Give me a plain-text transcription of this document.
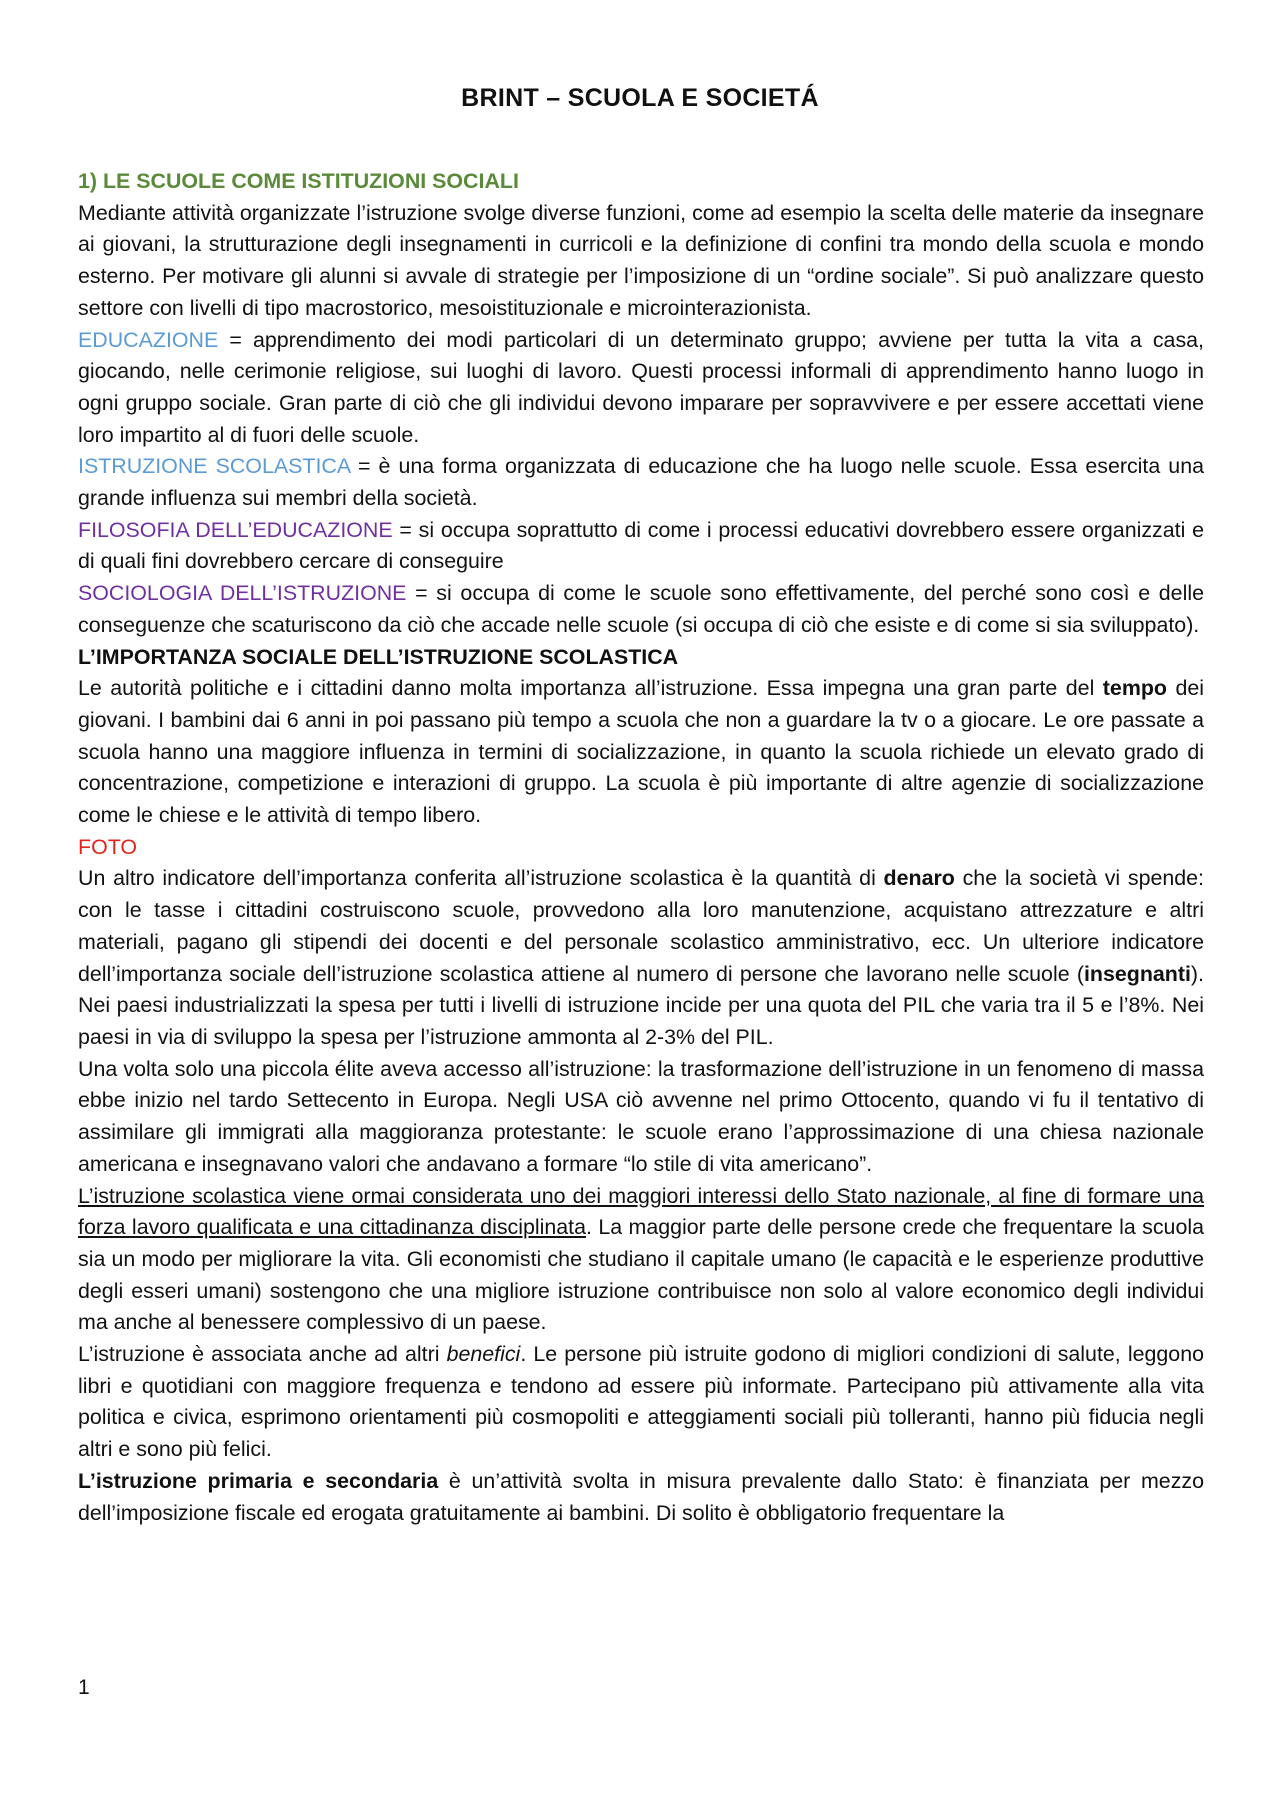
BRINT – SCUOLA E SOCIETÁ

1) LE SCUOLE COME ISTITUZIONI SOCIALI

Mediante attività organizzate l’istruzione svolge diverse funzioni, come ad esempio la scelta delle materie da insegnare ai giovani, la strutturazione degli insegnamenti in curricoli e la definizione di confini tra mondo della scuola e mondo esterno. Per motivare gli alunni si avvale di strategie per l’imposizione di un “ordine sociale”. Si può analizzare questo settore con livelli di tipo macrostorico, mesoistituzionale e microinterazionista.

EDUCAZIONE = apprendimento dei modi particolari di un determinato gruppo; avviene per tutta la vita a casa, giocando, nelle cerimonie religiose, sui luoghi di lavoro. Questi processi informali di apprendimento hanno luogo in ogni gruppo sociale. Gran parte di ciò che gli individui devono imparare per sopravvivere e per essere accettati viene loro impartito al di fuori delle scuole.

ISTRUZIONE SCOLASTICA = è una forma organizzata di educazione che ha luogo nelle scuole. Essa esercita una grande influenza sui membri della società.

FILOSOFIA DELL’EDUCAZIONE = si occupa soprattutto di come i processi educativi dovrebbero essere organizzati e di quali fini dovrebbero cercare di conseguire

SOCIOLOGIA DELL’ISTRUZIONE = si occupa di come le scuole sono effettivamente, del perché sono così e delle conseguenze che scaturiscono da ciò che accade nelle scuole (si occupa di ciò che esiste e di come si sia sviluppato).

L’IMPORTANZA SOCIALE DELL’ISTRUZIONE SCOLASTICA

Le autorità politiche e i cittadini danno molta importanza all’istruzione. Essa impegna una gran parte del tempo dei giovani. I bambini dai 6 anni in poi passano più tempo a scuola che non a guardare la tv o a giocare. Le ore passate a scuola hanno una maggiore influenza in termini di socializzazione, in quanto la scuola richiede un elevato grado di concentrazione, competizione e interazioni di gruppo. La scuola è più importante di altre agenzie di socializzazione come le chiese e le attività di tempo libero.

FOTO

Un altro indicatore dell’importanza conferita all’istruzione scolastica è la quantità di denaro che la società vi spende: con le tasse i cittadini costruiscono scuole, provvedono alla loro manutenzione, acquistano attrezzature e altri materiali, pagano gli stipendi dei docenti e del personale scolastico amministrativo, ecc. Un ulteriore indicatore dell’importanza sociale dell’istruzione scolastica attiene al numero di persone che lavorano nelle scuole (insegnanti). Nei paesi industrializzati la spesa per tutti i livelli di istruzione incide per una quota del PIL che varia tra il 5 e l’8%. Nei paesi in via di sviluppo la spesa per l’istruzione ammonta al 2-3% del PIL.

Una volta solo una piccola élite aveva accesso all’istruzione: la trasformazione dell’istruzione in un fenomeno di massa ebbe inizio nel tardo Settecento in Europa. Negli USA ciò avvenne nel primo Ottocento, quando vi fu il tentativo di assimilare gli immigrati alla maggioranza protestante: le scuole erano l’approssimazione di una chiesa nazionale americana e insegnavano valori che andavano a formare “lo stile di vita americano”.

L’istruzione scolastica viene ormai considerata uno dei maggiori interessi dello Stato nazionale, al fine di formare una forza lavoro qualificata e una cittadinanza disciplinata. La maggior parte delle persone crede che frequentare la scuola sia un modo per migliorare la vita. Gli economisti che studiano il capitale umano (le capacità e le esperienze produttive degli esseri umani) sostengono che una migliore istruzione contribuisce non solo al valore economico degli individui ma anche al benessere complessivo di un paese.

L’istruzione è associata anche ad altri benefici. Le persone più istruite godono di migliori condizioni di salute, leggono libri e quotidiani con maggiore frequenza e tendono ad essere più informate. Partecipano più attivamente alla vita politica e civica, esprimono orientamenti più cosmopoliti e atteggiamenti sociali più tolleranti, hanno più fiducia negli altri e sono più felici.

L’istruzione primaria e secondaria è un’attività svolta in misura prevalente dallo Stato: è finanziata per mezzo dell’imposizione fiscale ed erogata gratuitamente ai bambini. Di solito è obbligatorio frequentare la

1
